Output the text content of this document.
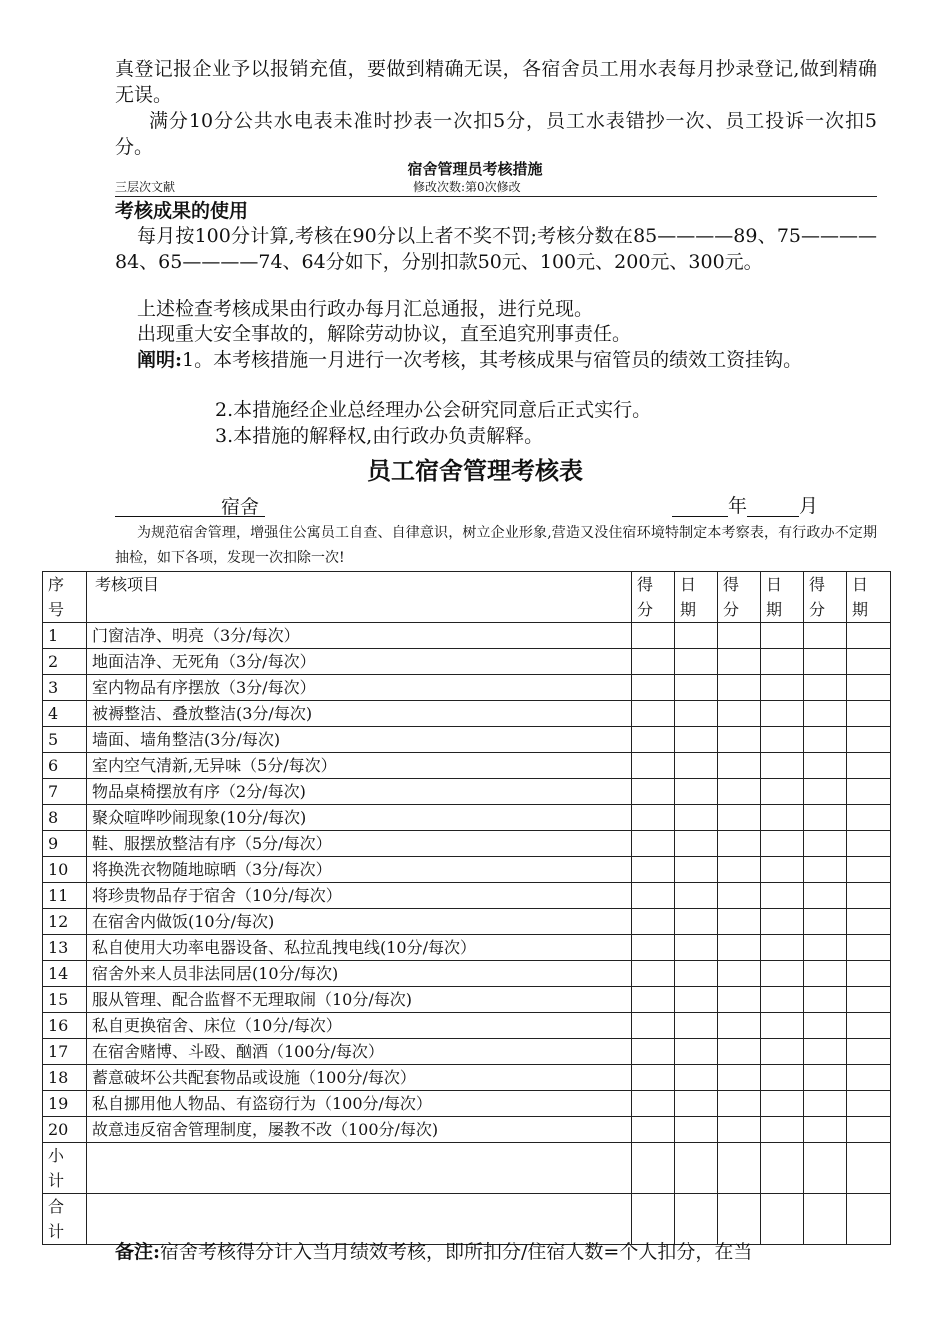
真登记报企业予以报销充值，要做到精确无误，各宿舍员工用水表每月抄录登记,做到精确无误。

满分10分公共水电表未准时抄表一次扣5分，员工水表错抄一次、员工投诉一次扣5分。

宿舍管理员考核措施

三层次文献	修改次数:第0次修改

考核成果的使用

每月按100分计算,考核在90分以上者不奖不罚;考核分数在85————89、75————84、65————74、64分如下，分别扣款50元、100元、200元、300元。

上述检查考核成果由行政办每月汇总通报，进行兑现。

出现重大安全事故的，解除劳动协议，直至追究刑事责任。

阐明:1。本考核措施一月进行一次考核，其考核成果与宿管员的绩效工资挂钩。

2.本措施经企业总经理办公会研究同意后正式实行。

3.本措施的解释权,由行政办负责解释。

员工宿舍管理考核表

宿舍	年	月

为规范宿舍管理，增强住公寓员工自查、自律意识，树立企业形象,营造又没住宿环境特制定本考察表，有行政办不定期抽检，如下各项，发现一次扣除一次!

序号	考核项目	得分	日期	得分	日期	得分	日期

1	门窗洁净、明亮（3分/每次）						
2	地面洁净、无死角（3分/每次）						
3	室内物品有序摆放（3分/每次）						
4	被褥整洁、叠放整洁(3分/每次)						
5	墙面、墙角整洁(3分/每次)						
6	室内空气清新,无异味（5分/每次）						
7	物品桌椅摆放有序（2分/每次)						
8	聚众喧哗吵闹现象(10分/每次)						
9	鞋、服摆放整洁有序（5分/每次）						
10	将换洗衣物随地晾晒（3分/每次）						
11	将珍贵物品存于宿舍（10分/每次）						
12	在宿舍内做饭(10分/每次)						
13	私自使用大功率电器设备、私拉乱拽电线(10分/每次）						
14	宿舍外来人员非法同居(10分/每次)						
15	服从管理、配合监督不无理取闹（10分/每次)						
16	私自更换宿舍、床位（10分/每次）						
17	在宿舍赌博、斗殴、酗酒（100分/每次）						
18	蓄意破坏公共配套物品或设施（100分/每次）						
19	私自挪用他人物品、有盗窃行为（100分/每次）						
20	故意违反宿舍管理制度，屡教不改（100分/每次)						

小计							

合计							

备注:宿舍考核得分计入当月绩效考核，即所扣分/住宿人数=个人扣分，在当
